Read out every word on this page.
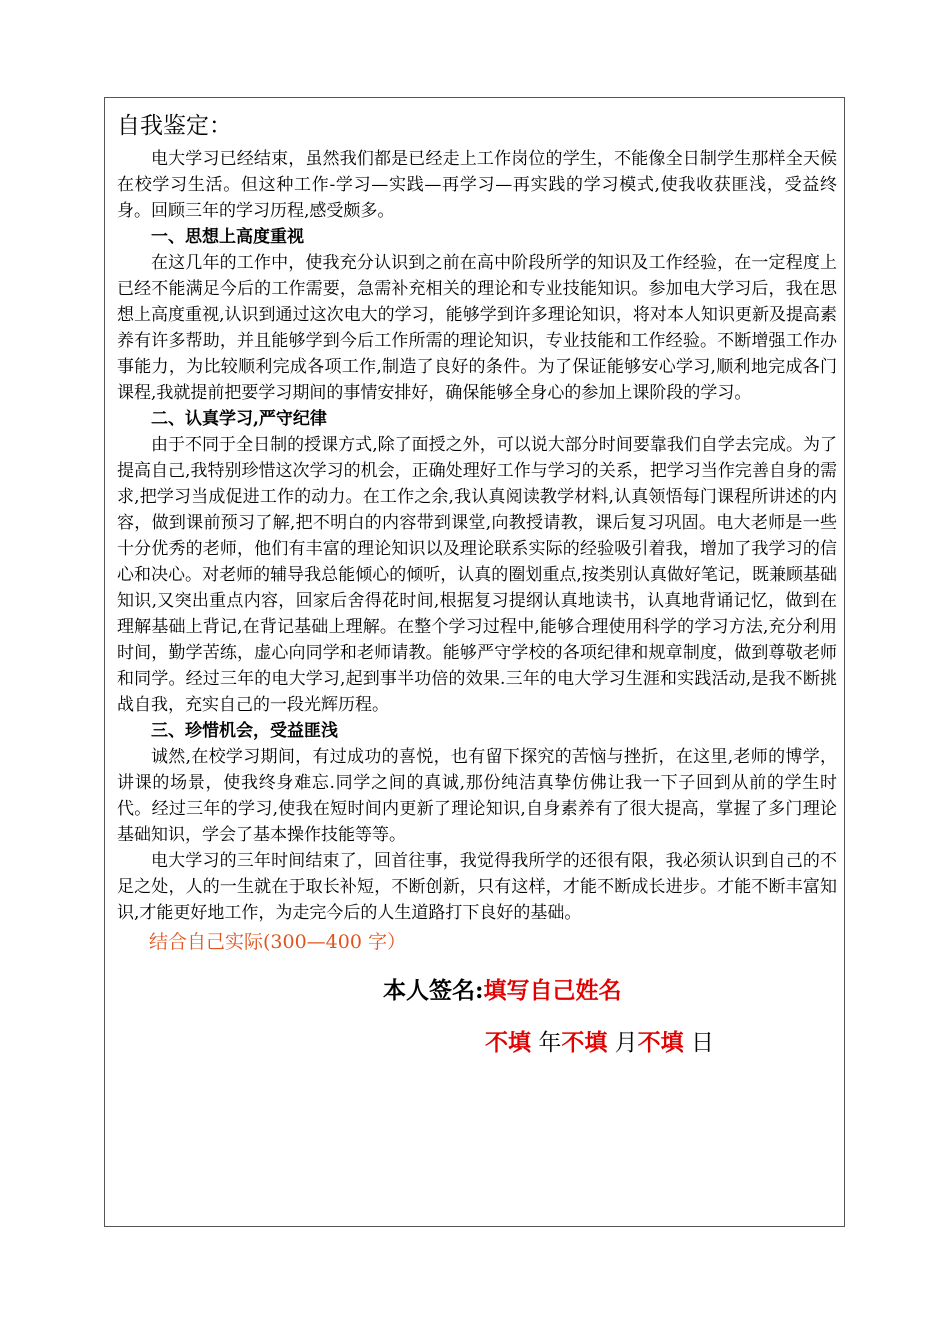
自我鉴定：

电大学习已经结束，虽然我们都是已经走上工作岗位的学生，不能像全日制学生那样全天候在校学习生活。但这种工作-学习—实践—再学习—再实践的学习模式,使我收获匪浅，受益终身。回顾三年的学习历程,感受颇多。

一、思想上高度重视

在这几年的工作中，使我充分认识到之前在高中阶段所学的知识及工作经验，在一定程度上已经不能满足今后的工作需要，急需补充相关的理论和专业技能知识。参加电大学习后，我在思想上高度重视,认识到通过这次电大的学习，能够学到许多理论知识，将对本人知识更新及提高素养有许多帮助，并且能够学到今后工作所需的理论知识，专业技能和工作经验。不断增强工作办事能力，为比较顺利完成各项工作,制造了良好的条件。为了保证能够安心学习,顺利地完成各门课程,我就提前把要学习期间的事情安排好，确保能够全身心的参加上课阶段的学习。

二、认真学习,严守纪律

由于不同于全日制的授课方式,除了面授之外，可以说大部分时间要靠我们自学去完成。为了提高自己,我特别珍惜这次学习的机会，正确处理好工作与学习的关系，把学习当作完善自身的需求,把学习当成促进工作的动力。在工作之余,我认真阅读教学材料,认真领悟每门课程所讲述的内容，做到课前预习了解,把不明白的内容带到课堂,向教授请教，课后复习巩固。电大老师是一些十分优秀的老师，他们有丰富的理论知识以及理论联系实际的经验吸引着我，增加了我学习的信心和决心。对老师的辅导我总能倾心的倾听，认真的圈划重点,按类别认真做好笔记，既兼顾基础知识,又突出重点内容，回家后舍得花时间,根据复习提纲认真地读书，认真地背诵记忆，做到在理解基础上背记,在背记基础上理解。在整个学习过程中,能够合理使用科学的学习方法,充分利用时间，勤学苦练，虚心向同学和老师请教。能够严守学校的各项纪律和规章制度，做到尊敬老师和同学。经过三年的电大学习,起到事半功倍的效果.三年的电大学习生涯和实践活动,是我不断挑战自我，充实自己的一段光辉历程。

三、珍惜机会，受益匪浅

诚然,在校学习期间，有过成功的喜悦，也有留下探究的苦恼与挫折，在这里,老师的博学，讲课的场景，使我终身难忘.同学之间的真诚,那份纯洁真挚仿佛让我一下子回到从前的学生时代。经过三年的学习,使我在短时间内更新了理论知识,自身素养有了很大提高，掌握了多门理论基础知识，学会了基本操作技能等等。

电大学习的三年时间结束了，回首往事，我觉得我所学的还很有限，我必须认识到自己的不足之处，人的一生就在于取长补短，不断创新，只有这样，才能不断成长进步。才能不断丰富知识,才能更好地工作，为走完今后的人生道路打下良好的基础。

结合自己实际(300—400 字）
本人签名:填写自己姓名
不填 年不填 月不填 日
